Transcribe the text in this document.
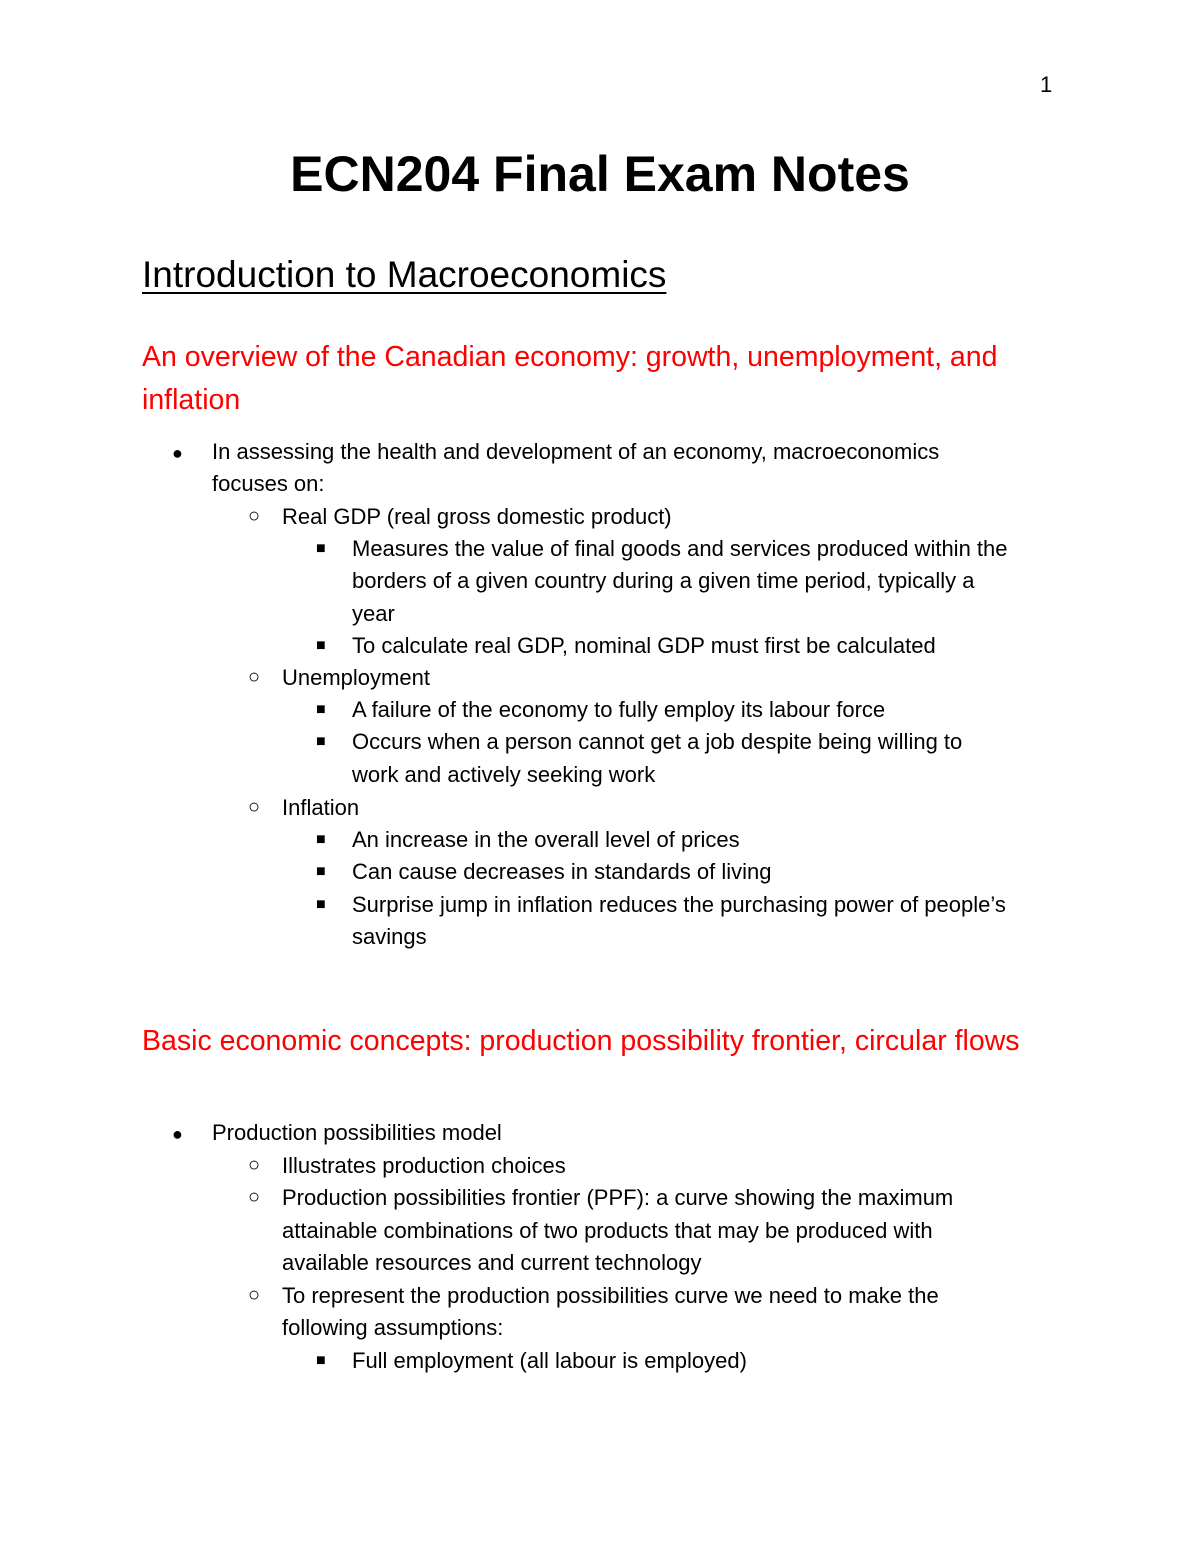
1
ECN204 Final Exam Notes
Introduction to Macroeconomics
An overview of the Canadian economy: growth, unemployment, and inflation
● In assessing the health and development of an economy, macroeconomics
focuses on:
○ Real GDP (real gross domestic product)
■ Measures the value of final goods and services produced within the
borders of a given country during a given time period, typically a
year
■ To calculate real GDP, nominal GDP must first be calculated
○ Unemployment
■ A failure of the economy to fully employ its labour force
■ Occurs when a person cannot get a job despite being willing to
work and actively seeking work
○ Inflation
■ An increase in the overall level of prices
■ Can cause decreases in standards of living
■ Surprise jump in inflation reduces the purchasing power of people’s
savings
Basic economic concepts: production possibility frontier, circular flows
● Production possibilities model
○ Illustrates production choices
○ Production possibilities frontier (PPF): a curve showing the maximum
attainable combinations of two products that may be produced with
available resources and current technology
○ To represent the production possibilities curve we need to make the
following assumptions:
■ Full employment (all labour is employed)
